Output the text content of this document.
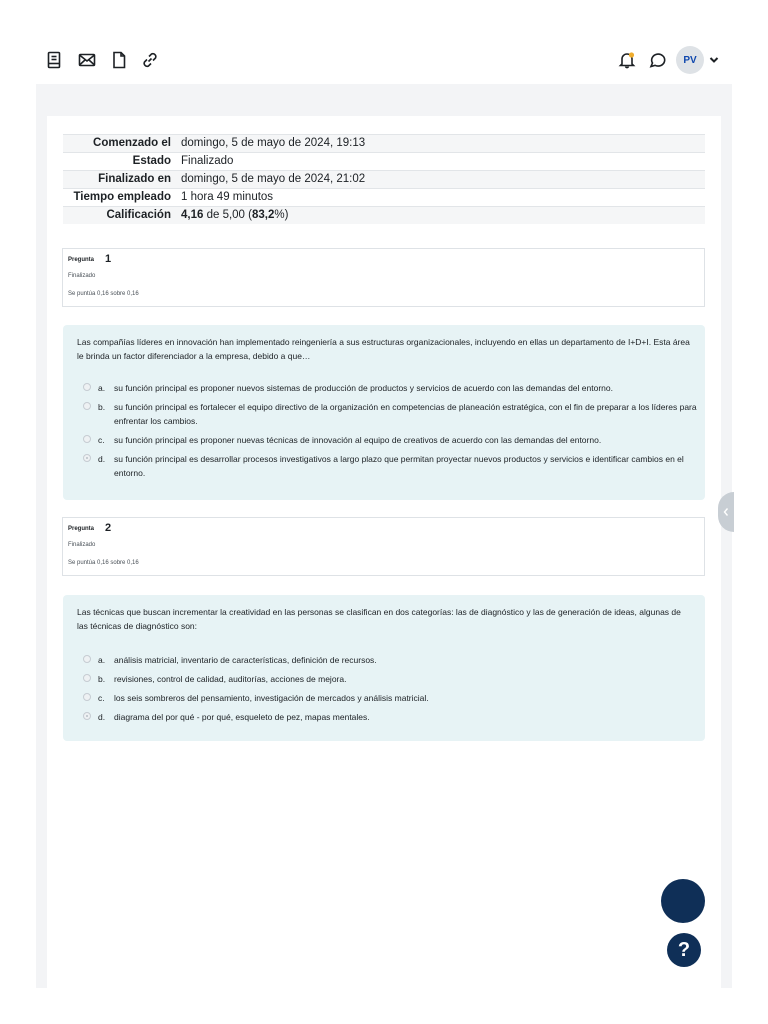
PV
Comenzado el	domingo, 5 de mayo de 2024, 19:13
Estado	Finalizado
Finalizado en	domingo, 5 de mayo de 2024, 21:02
Tiempo empleado	1 hora 49 minutos
Calificación	4,16 de 5,00 (83,2%)
Pregunta 1
Finalizado
Se puntúa 0,16 sobre 0,16
Las compañías líderes en innovación han implementado reingeniería a sus estructuras organizacionales, incluyendo en ellas un departamento de I+D+I. Esta área le brinda un factor diferenciador a la empresa, debido a que…
a. su función principal es proponer nuevos sistemas de producción de productos y servicios de acuerdo con las demandas del entorno.
b. su función principal es fortalecer el equipo directivo de la organización en competencias de planeación estratégica, con el fin de preparar a los líderes para enfrentar los cambios.
c. su función principal es proponer nuevas técnicas de innovación al equipo de creativos de acuerdo con las demandas del entorno.
d. su función principal es desarrollar procesos investigativos a largo plazo que permitan proyectar nuevos productos y servicios e identificar cambios en el entorno.
Pregunta 2
Finalizado
Se puntúa 0,16 sobre 0,16
Las técnicas que buscan incrementar la creatividad en las personas se clasifican en dos categorías: las de diagnóstico y las de generación de ideas, algunas de las técnicas de diagnóstico son:
a. análisis matricial, inventario de características, definición de recursos.
b. revisiones, control de calidad, auditorías, acciones de mejora.
c. los seis sombreros del pensamiento, investigación de mercados y análisis matricial.
d. diagrama del por qué - por qué, esqueleto de pez, mapas mentales.
?
